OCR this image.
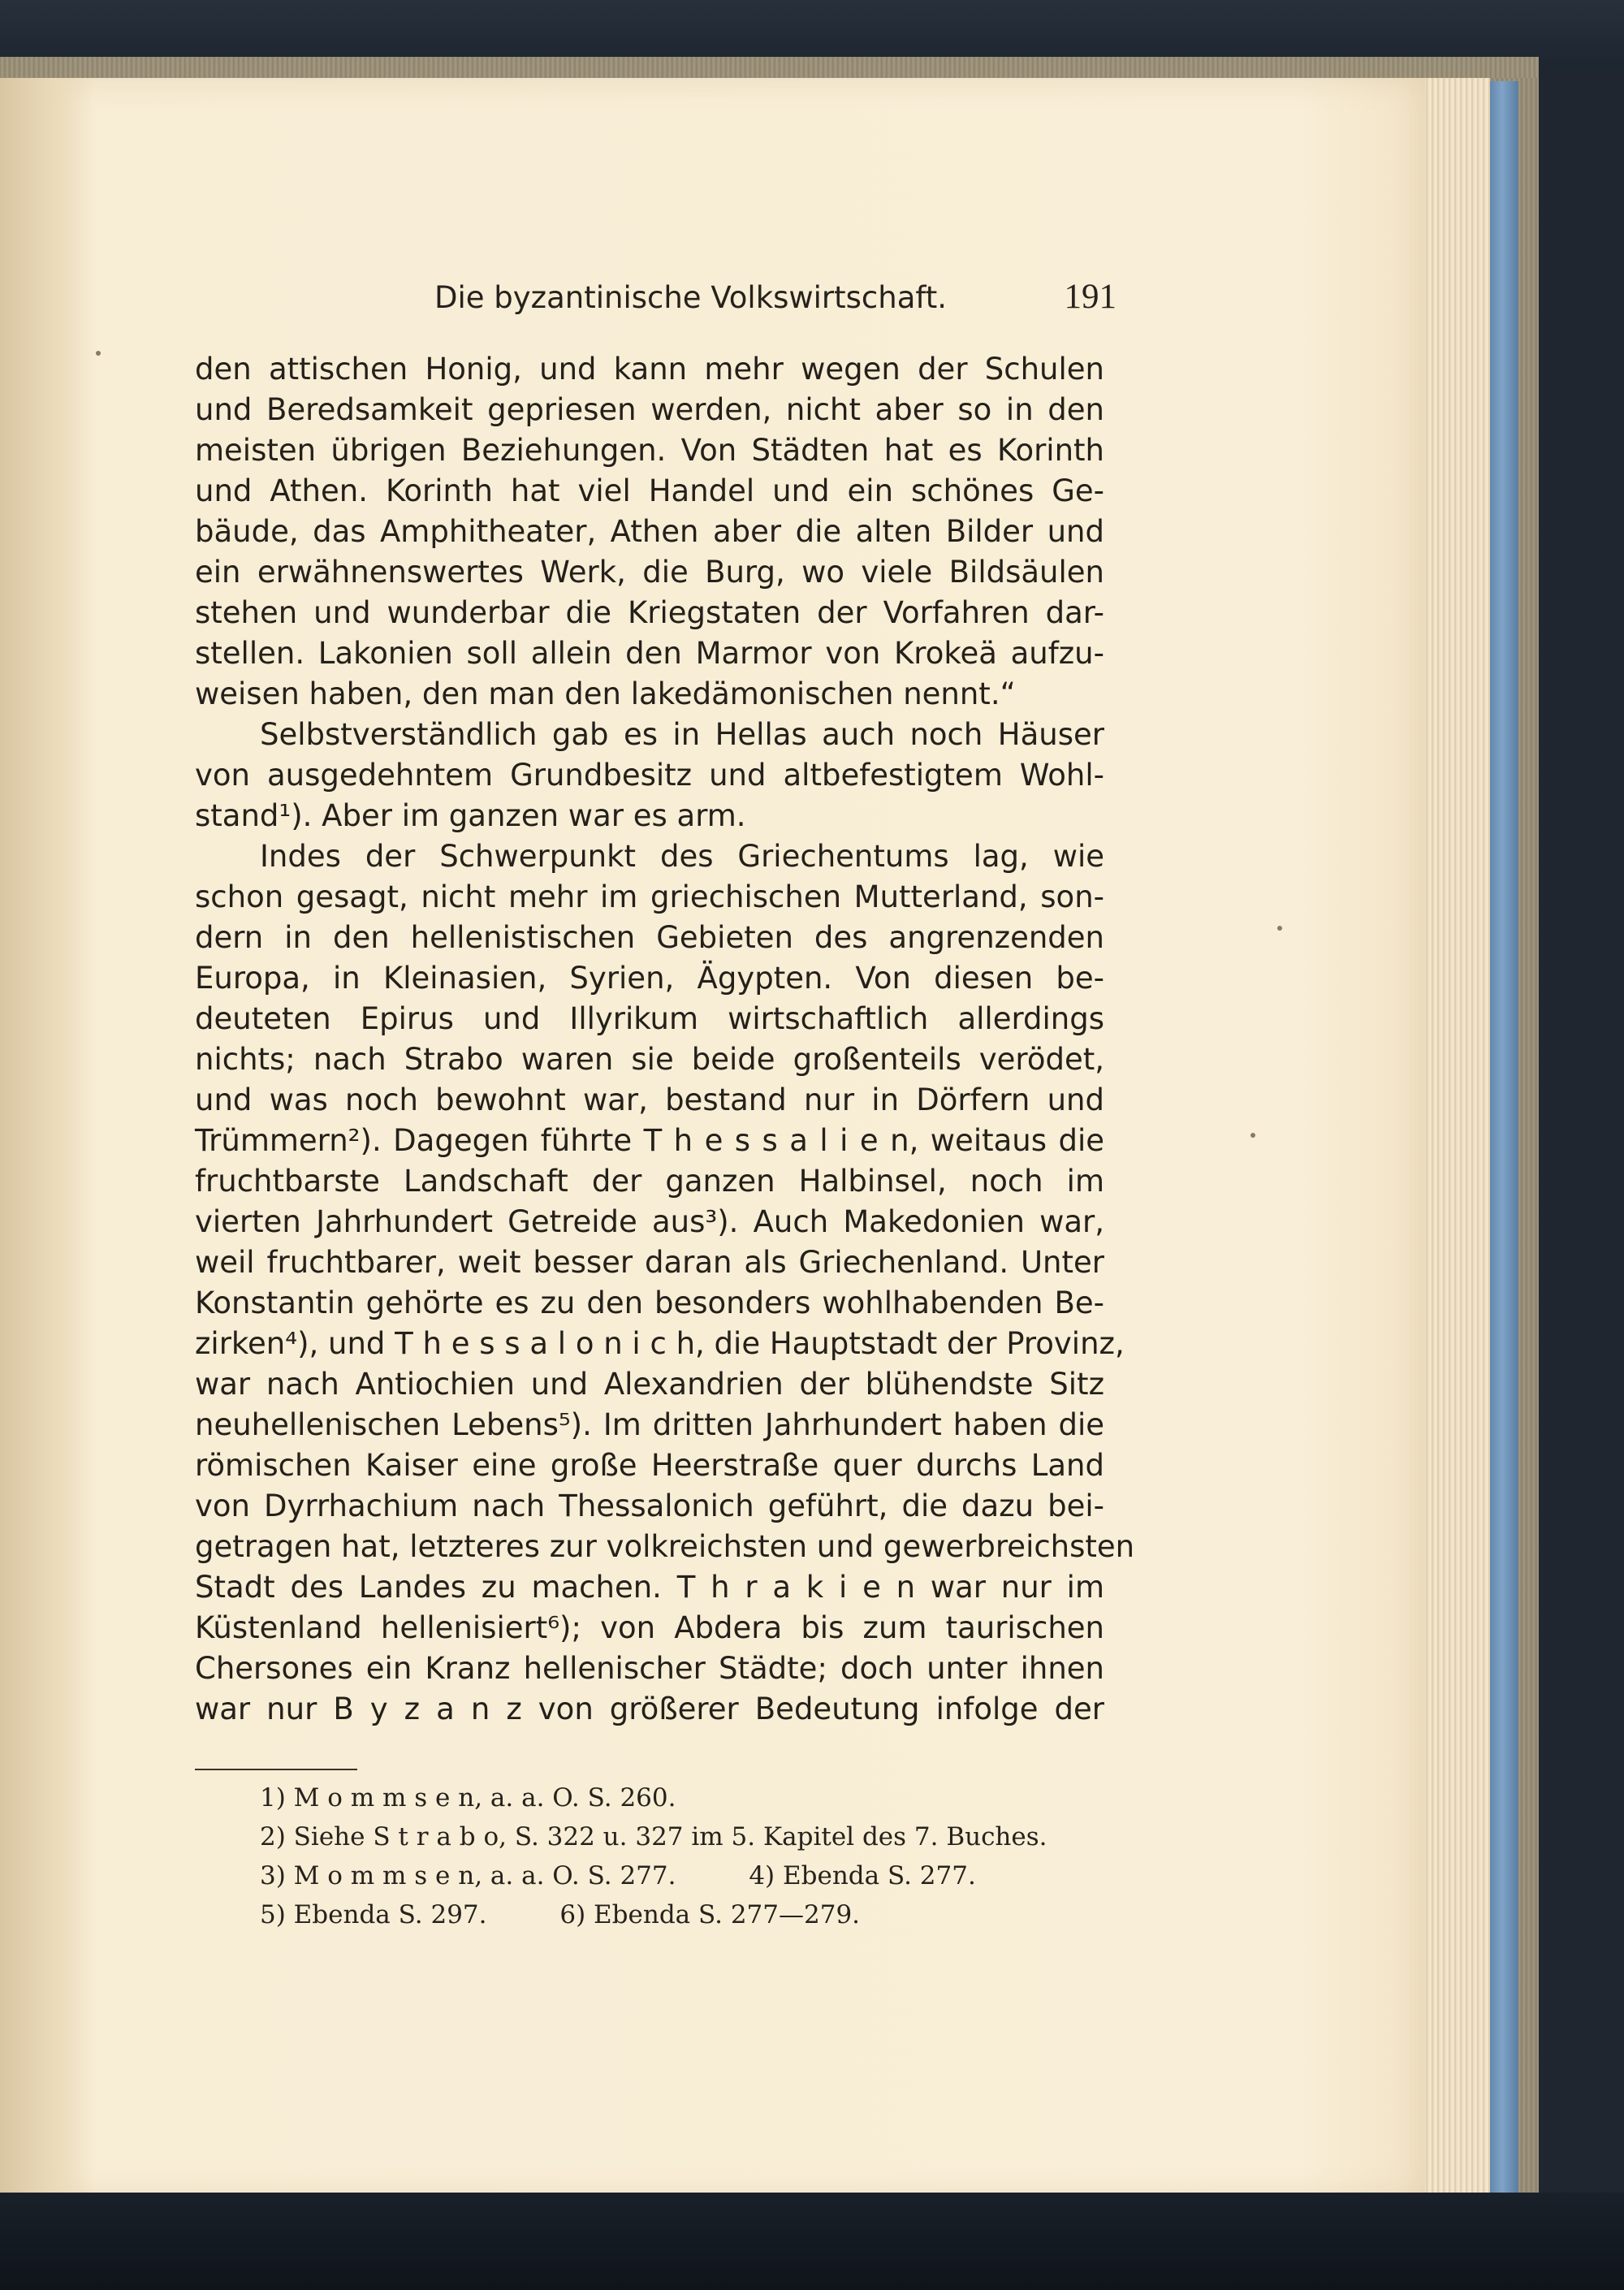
Die byzantinische Volkswirtschaft.	191
den attischen Honig, und kann mehr wegen der Schulen
und Beredsamkeit gepriesen werden, nicht aber so in den
meisten übrigen Beziehungen. Von Städten hat es Korinth
und Athen. Korinth hat viel Handel und ein schönes Ge-
bäude, das Amphitheater, Athen aber die alten Bilder und
ein erwähnenswertes Werk, die Burg, wo viele Bildsäulen
stehen und wunderbar die Kriegstaten der Vorfahren dar-
stellen. Lakonien soll allein den Marmor von Krokeä aufzu-
weisen haben, den man den lakedämonischen nennt.“
Selbstverständlich gab es in Hellas auch noch Häuser
von ausgedehntem Grundbesitz und altbefestigtem Wohl-
stand¹). Aber im ganzen war es arm.
Indes der Schwerpunkt des Griechentums lag, wie
schon gesagt, nicht mehr im griechischen Mutterland, son-
dern in den hellenistischen Gebieten des angrenzenden
Europa, in Kleinasien, Syrien, Ägypten. Von diesen be-
deuteten Epirus und Illyrikum wirtschaftlich allerdings
nichts; nach Strabo waren sie beide großenteils verödet,
und was noch bewohnt war, bestand nur in Dörfern und
Trümmern²). Dagegen führte T h e s s a l i e n, weitaus die
fruchtbarste Landschaft der ganzen Halbinsel, noch im
vierten Jahrhundert Getreide aus³). Auch Makedonien war,
weil fruchtbarer, weit besser daran als Griechenland. Unter
Konstantin gehörte es zu den besonders wohlhabenden Be-
zirken⁴), und T h e s s a l o n i c h, die Hauptstadt der Provinz,
war nach Antiochien und Alexandrien der blühendste Sitz
neuhellenischen Lebens⁵). Im dritten Jahrhundert haben die
römischen Kaiser eine große Heerstraße quer durchs Land
von Dyrrhachium nach Thessalonich geführt, die dazu bei-
getragen hat, letzteres zur volkreichsten und gewerbreichsten
Stadt des Landes zu machen. T h r a k i e n war nur im
Küstenland hellenisiert⁶); von Abdera bis zum taurischen
Chersones ein Kranz hellenischer Städte; doch unter ihnen
war nur B y z a n z von größerer Bedeutung infolge der
1) M o m m s e n, a. a. O. S. 260.
2) Siehe S t r a b o, S. 322 u. 327 im 5. Kapitel des 7. Buches.
3) M o m m s e n, a. a. O. S. 277.	4) Ebenda S. 277.
5) Ebenda S. 297.	6) Ebenda S. 277—279.
